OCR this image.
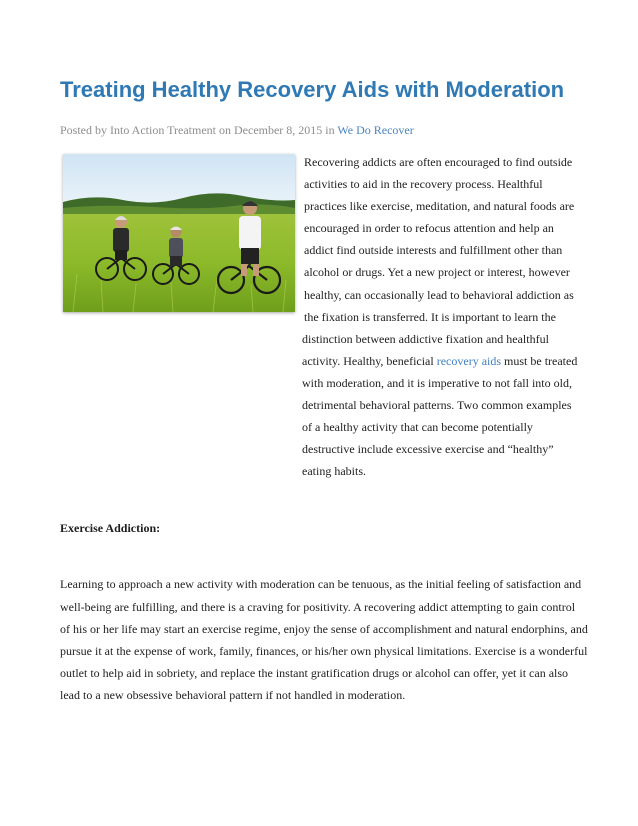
Treating Healthy Recovery Aids with Moderation

Posted by Into Action Treatment on December 8, 2015 in We Do Recover

Recovering addicts are often encouraged to find outside activities to aid in the recovery process. Healthful practices like exercise, meditation, and natural foods are encouraged in order to refocus attention and help an addict find outside interests and fulfillment other than alcohol or drugs. Yet a new project or interest, however healthy, can occasionally lead to behavioral addiction as the fixation is transferred. It is important to learn the distinction between addictive fixation and healthful activity. Healthy, beneficial recovery aids must be treated with moderation, and it is imperative to not fall into old, detrimental behavioral patterns. Two common examples of a healthy activity that can become potentially destructive include excessive exercise and “healthy” eating habits.

Exercise Addiction:

Learning to approach a new activity with moderation can be tenuous, as the initial feeling of satisfaction and well-being are fulfilling, and there is a craving for positivity. A recovering addict attempting to gain control of his or her life may start an exercise regime, enjoy the sense of accomplishment and natural endorphins, and pursue it at the expense of work, family, finances, or his/her own physical limitations. Exercise is a wonderful outlet to help aid in sobriety, and replace the instant gratification drugs or alcohol can offer, yet it can also lead to a new obsessive behavioral pattern if not handled in moderation.
